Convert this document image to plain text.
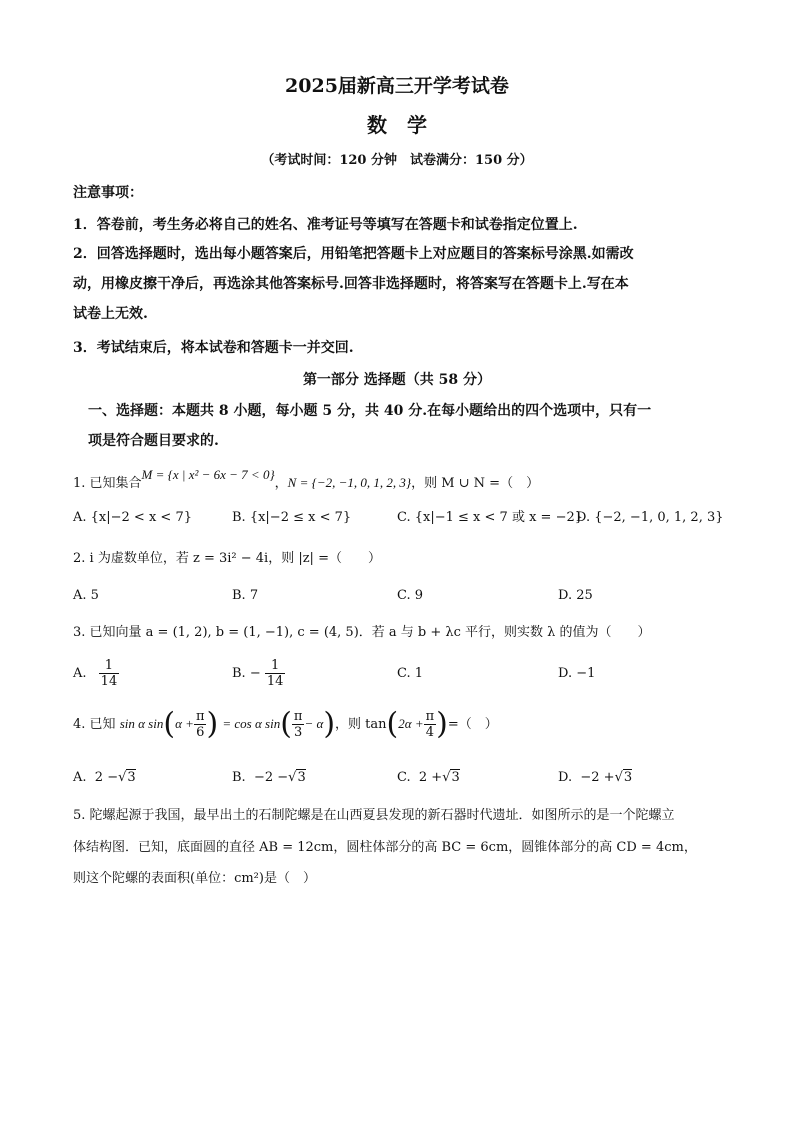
2025届新高三开学考试卷
数　学
（考试时间：120 分钟　试卷满分：150 分）
注意事项：
1．答卷前，考生务必将自己的姓名、准考证号等填写在答题卡和试卷指定位置上.
2．回答选择题时，选出每小题答案后，用铅笔把答题卡上对应题目的答案标号涂黑.如需改
动，用橡皮擦干净后，再选涂其他答案标号.回答非选择题时，将答案写在答题卡上.写在本
试卷上无效.
3．考试结束后，将本试卷和答题卡一并交回.
第一部分 选择题（共 58 分）
一、选择题：本题共 8 小题，每小题 5 分，共 40 分.在每小题给出的四个选项中，只有一
项是符合题目要求的.
1. 已知集合M = {x | x² − 6x − 7 < 0}，N = {−2, −1, 0, 1, 2, 3}，则 M ∪ N =（　）
A. {x|−2 < x < 7}	B. {x|−2 ≤ x < 7}	C. {x|−1 ≤ x < 7 或 x = −2}
D. {−2, −1, 0, 1, 2, 3}
2. i 为虚数单位，若 z = 3i² − 4i，则 |z| =（　　）
A. 5	B. 7	C. 9	D. 25
3. 已知向量 a = (1, 2), b = (1, −1), c = (4, 5)．若 a 与 b + λc 平行，则实数 λ 的值为（　　）
A. $\frac{1}{14}$	B. − $\frac{1}{14}$	C. 1	D. −1
4. 已知 sin α $\sin(\alpha + \frac{\pi}{6}$ ) = cos α $\sin( \frac{\pi}{3} - \alpha)$，则 $\tan(2\alpha + \frac{\pi}{4}$ )=（　）
A. 2 −√3	B. −2 −√3	C. 2 +√3	D. −2 +√3
5. 陀螺起源于我国，最早出土的石制陀螺是在山西夏县发现的新石器时代遗址．如图所示的是一个陀螺立
体结构图．已知，底面圆的直径 AB = 12cm，圆柱体部分的高 BC = 6cm，圆锥体部分的高 CD = 4cm，
则这个陀螺的表面积(单位：cm²)是（　）
